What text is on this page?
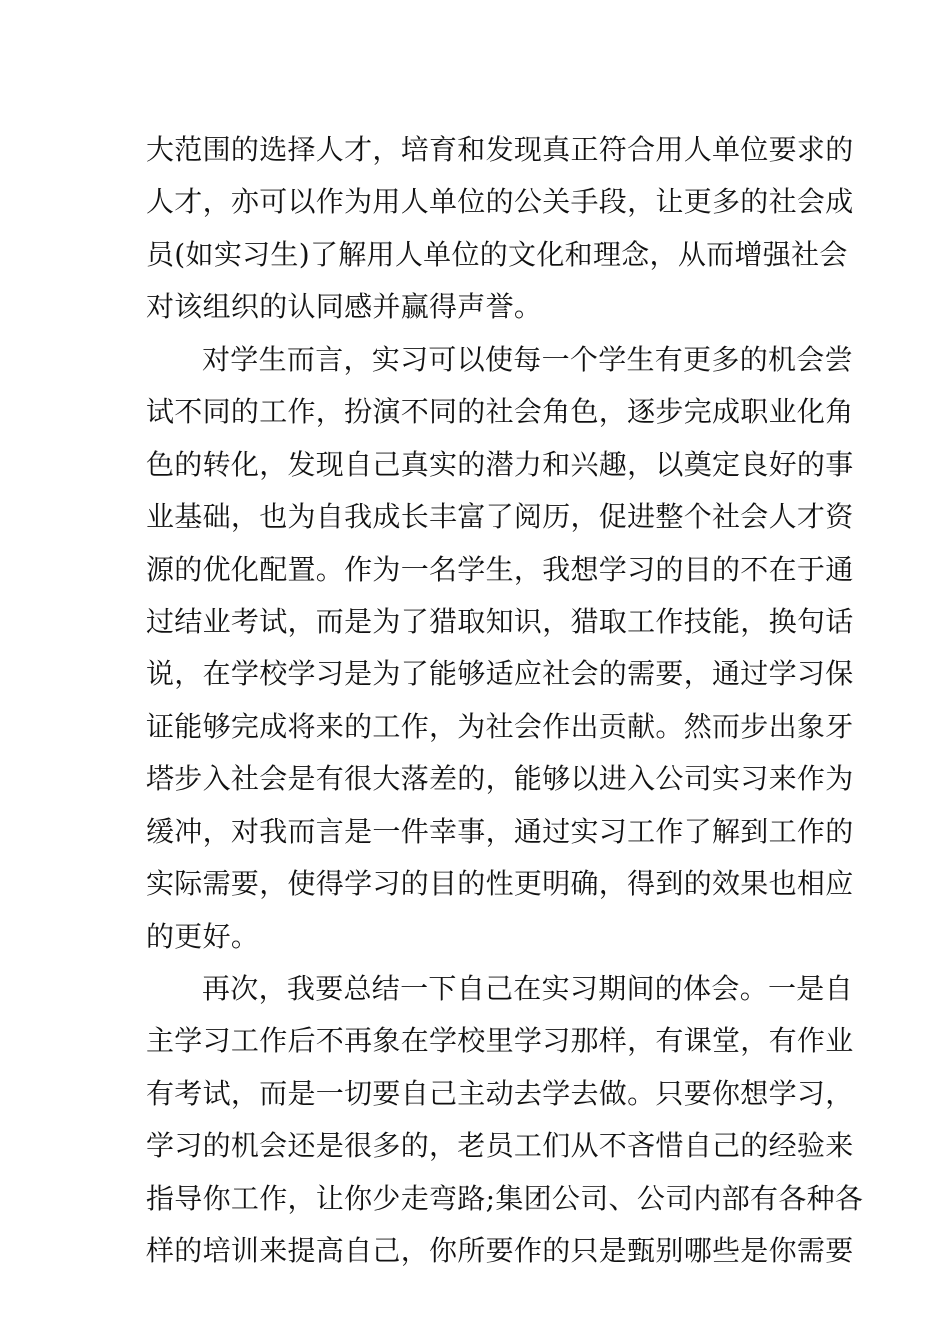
大范围的选择人才，培育和发现真正符合用人单位要求的
人才，亦可以作为用人单位的公关手段，让更多的社会成
员(如实习生)了解用人单位的文化和理念，从而增强社会
对该组织的认同感并赢得声誉。
对学生而言，实习可以使每一个学生有更多的机会尝
试不同的工作，扮演不同的社会角色，逐步完成职业化角
色的转化，发现自己真实的潜力和兴趣，以奠定良好的事
业基础，也为自我成长丰富了阅历，促进整个社会人才资
源的优化配置。作为一名学生，我想学习的目的不在于通
过结业考试，而是为了猎取知识，猎取工作技能，换句话
说，在学校学习是为了能够适应社会的需要，通过学习保
证能够完成将来的工作，为社会作出贡献。然而步出象牙
塔步入社会是有很大落差的，能够以进入公司实习来作为
缓冲，对我而言是一件幸事，通过实习工作了解到工作的
实际需要，使得学习的目的性更明确，得到的效果也相应
的更好。
再次，我要总结一下自己在实习期间的体会。一是自
主学习工作后不再象在学校里学习那样，有课堂，有作业
有考试，而是一切要自己主动去学去做。只要你想学习，
学习的机会还是很多的，老员工们从不吝惜自己的经验来
指导你工作，让你少走弯路;集团公司、公司内部有各种各
样的培训来提高自己，你所要作的只是甄别哪些是你需要
